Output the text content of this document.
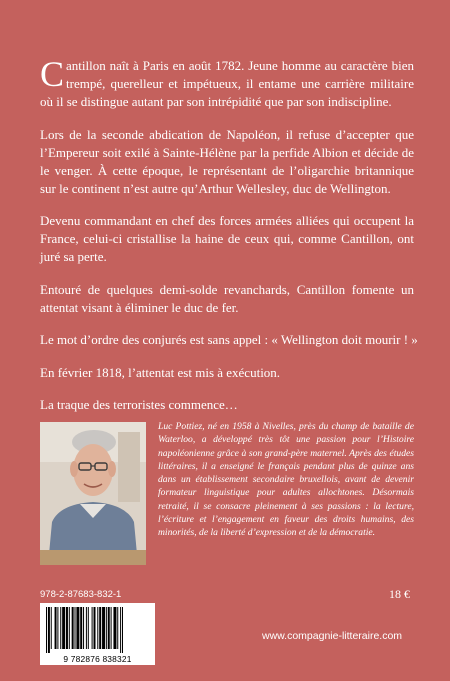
Cantillon naît à Paris en août 1782. Jeune homme au caractère bien trempé, querelleur et impétueux, il entame une carrière militaire où il se distingue autant par son intrépidité que par son indiscipline.

Lors de la seconde abdication de Napoléon, il refuse d’accepter que l’Empereur soit exilé à Sainte-Hélène par la perfide Albion et décide de le venger. À cette époque, le représentant de l’oligarchie britannique sur le continent n’est autre qu’Arthur Wellesley, duc de Wellington.

Devenu commandant en chef des forces armées alliées qui occupent la France, celui-ci cristallise la haine de ceux qui, comme Cantillon, ont juré sa perte.

Entouré de quelques demi-solde revanchards, Cantillon fomente un attentat visant à éliminer le duc de fer.

Le mot d’ordre des conjurés est sans appel : « Wellington doit mourir ! »

En février 1818, l’attentat est mis à exécution.

La traque des terroristes commence…

Luc Pottiez, né en 1958 à Nivelles, près du champ de bataille de Waterloo, a développé très tôt une passion pour l’Histoire napoléonienne grâce à son grand-père maternel. Après des études littéraires, il a enseigné le français pendant plus de quinze ans dans un établissement secondaire bruxellois, avant de devenir formateur linguistique pour adultes allochtones. Désormais retraité, il se consacre pleinement à ses passions : la lecture, l’écriture et l’engagement en faveur des droits humains, des minorités, de la liberté d’expression et de la démocratie.
978-2-87683-832-1	18 €
9 782876 838321
www.compagnie-litteraire.com
